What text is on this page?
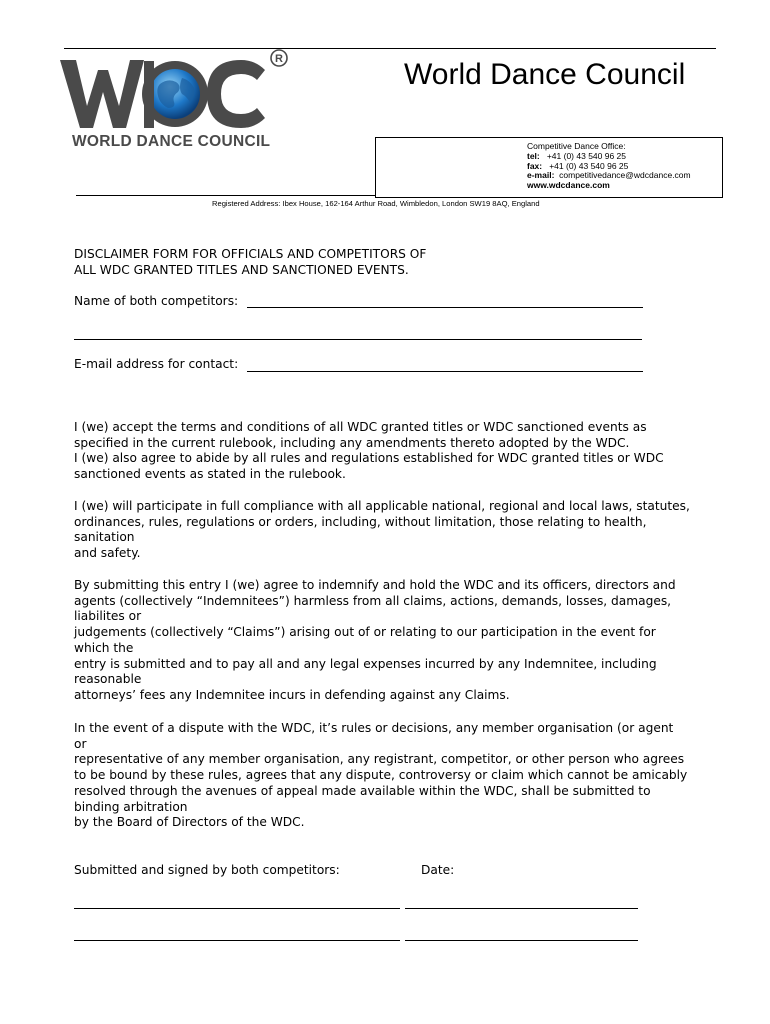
R
WORLD DANCE COUNCIL
World Dance Council
Competitive Dance Office:
tel: +41 (0) 43 540 96 25
fax: +41 (0) 43 540 96 25
e-mail: competitivedance@wdcdance.com
www.wdcdance.com
Registered Address: Ibex House, 162-164 Arthur Road, Wimbledon, London SW19 8AQ, England
DISCLAIMER FORM FOR OFFICIALS AND COMPETITORS OF
ALL WDC GRANTED TITLES AND SANCTIONED EVENTS.
Name of both competitors:
E-mail address for contact:
I (we) accept the terms and conditions of all WDC granted titles or WDC sanctioned events as
specified in the current rulebook, including any amendments thereto adopted by the WDC.
I (we) also agree to abide by all rules and regulations established for WDC granted titles or WDC
sanctioned events as stated in the rulebook.
I (we) will participate in full compliance with all applicable national, regional and local laws, statutes,
ordinances, rules, regulations or orders, including, without limitation, those relating to health,
sanitation
and safety.
By submitting this entry I (we) agree to indemnify and hold the WDC and its officers, directors and
agents (collectively “Indemnitees”) harmless from all claims, actions, demands, losses, damages,
liabilites or
judgements (collectively “Claims”) arising out of or relating to our participation in the event for
which the
entry is submitted and to pay all and any legal expenses incurred by any Indemnitee, including
reasonable
attorneys’ fees any Indemnitee incurs in defending against any Claims.
In the event of a dispute with the WDC, it’s rules or decisions, any member organisation (or agent
or
representative of any member organisation, any registrant, competitor, or other person who agrees
to be bound by these rules, agrees that any dispute, controversy or claim which cannot be amicably
resolved through the avenues of appeal made available within the WDC, shall be submitted to
binding arbitration
by the Board of Directors of the WDC.
Submitted and signed by both competitors:	Date:
